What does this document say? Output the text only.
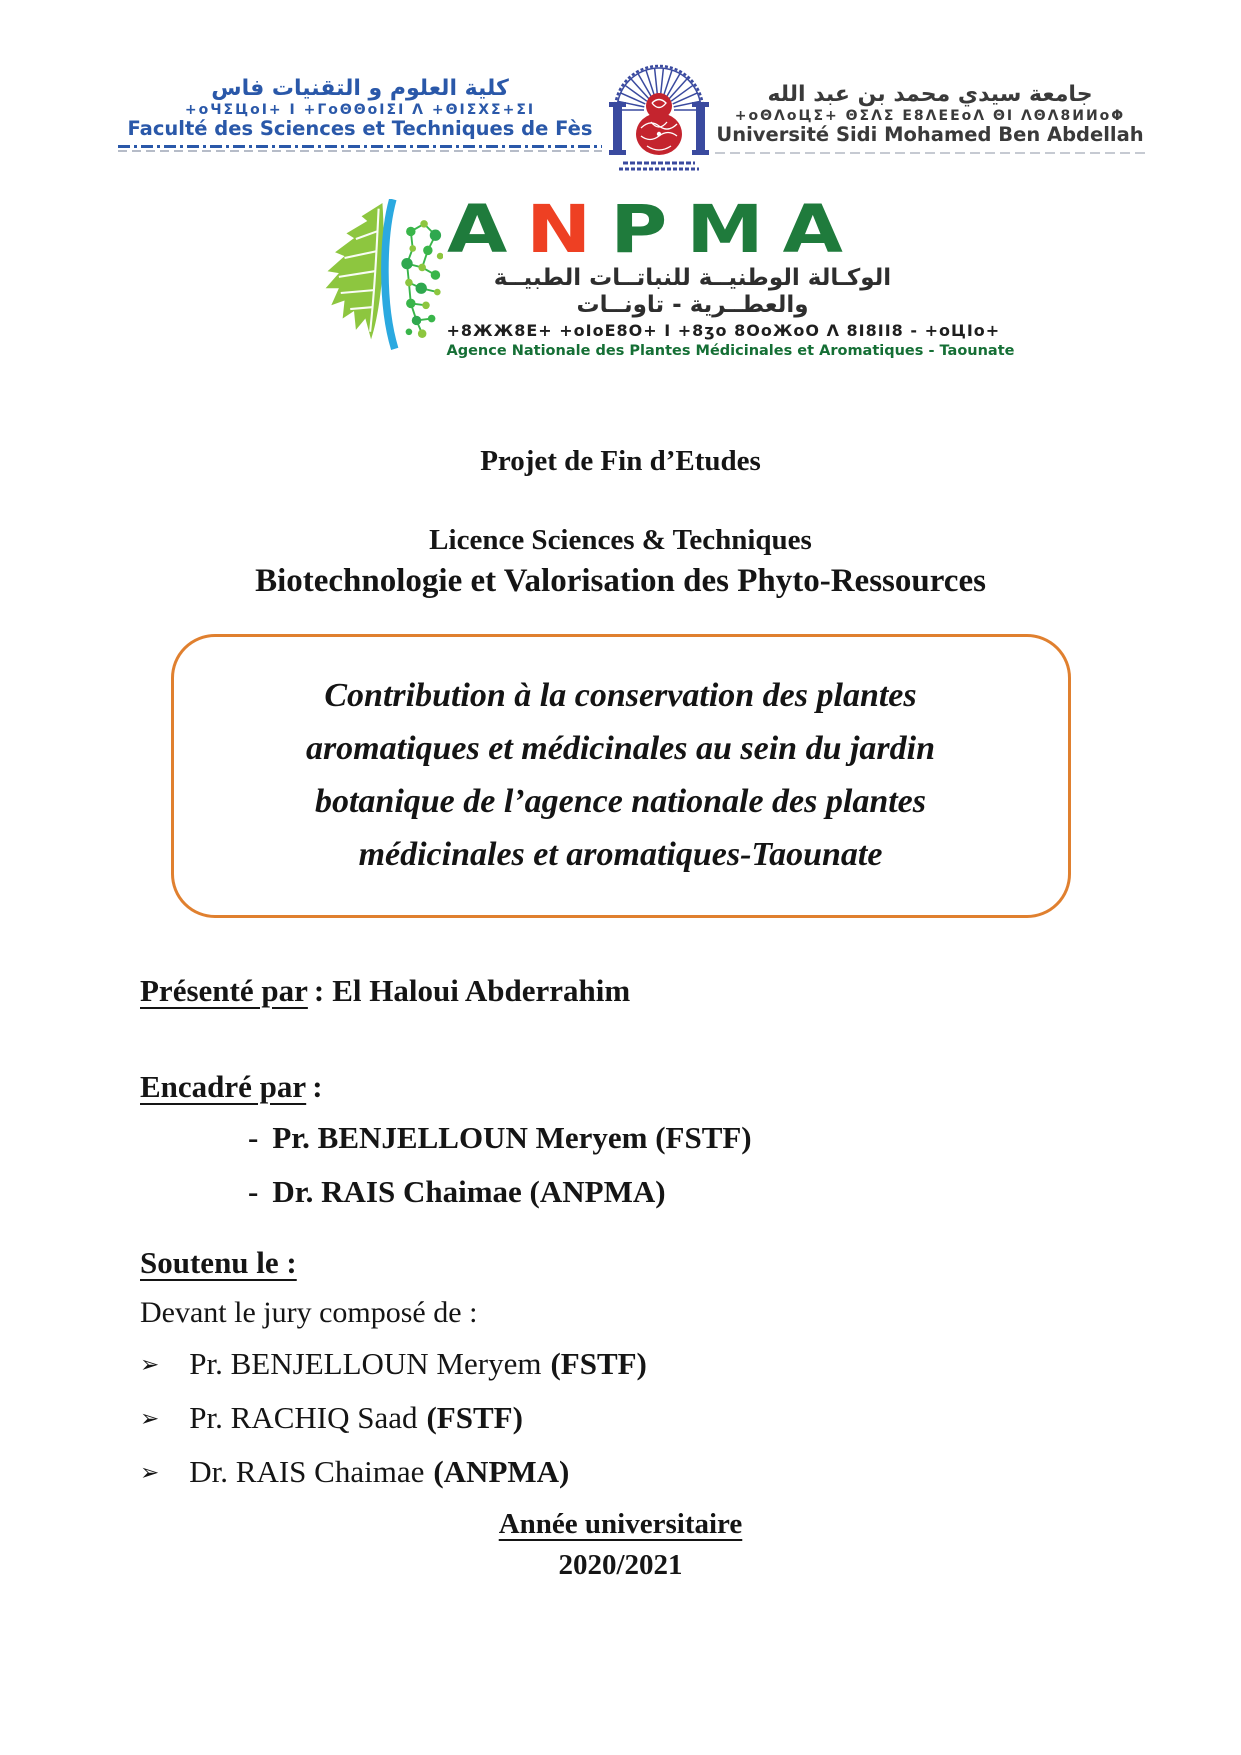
كلية العلوم و التقنيات فاس
+oЧΣЦoI+ I +ΓoΘΘoIΣI Λ +ΘIΣΧΣ+ΣI
Faculté des Sciences et Techniques de Fès
جامعة سيدي محمد بن عبد الله
+oΘΛoЦΣ+ ΘΣΛΣ Ε8ΛΕΕoΛ ΘI ΛΘΛ8ИИoΦ
Université Sidi Mohamed Ben Abdellah
ANPMA
الوكـالة الوطنيــة للنباتــات الطبيــة والعطــرية - تاونــات
+8ЖЖ8Ε+ +oIoΕ8Ο+ I +8ʒo 8ΟoЖoΟ Λ 8Ι8ΙΙ8 - +oЦIo+
Agence Nationale des Plantes Médicinales et Aromatiques - Taounate
Projet de Fin d’Etudes
Licence Sciences & Techniques
Biotechnologie et Valorisation des Phyto-Ressources
Contribution à la conservation des plantes
aromatiques et médicinales au sein du jardin
botanique de l’agence nationale des plantes
médicinales et aromatiques-Taounate
Présenté par : El Haloui Abderrahim
Encadré par :
- Pr. BENJELLOUN Meryem (FSTF)
- Dr. RAIS Chaimae (ANPMA)
Soutenu le :
Devant le jury composé de :
➢ Pr. BENJELLOUN Meryem (FSTF)
➢ Pr. RACHIQ Saad (FSTF)
➢ Dr. RAIS Chaimae (ANPMA)
Année universitaire
2020/2021
